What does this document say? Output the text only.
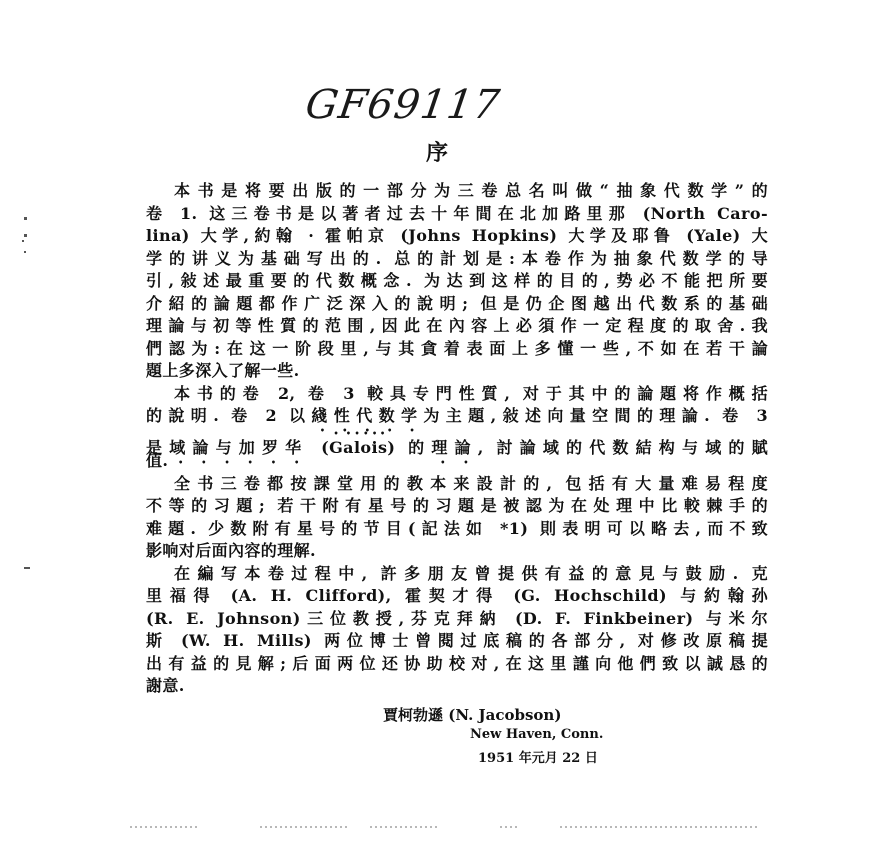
GF69117
序
本书是将要出版的一部分为三卷总名叫做“抽象代数学”的
卷 1. 这三卷书是以著者过去十年間在北加路里那 (North Caro-
lina) 大学,約翰 · 霍帕京 (Johns Hopkins) 大学及耶鲁 (Yale) 大
学的讲义为基础写出的. 总的計划是:本卷作为抽象代数学的导
引,敍述最重要的代数概念. 为达到这样的目的,势必不能把所要
介紹的論題都作广泛深入的說明; 但是仍企图越出代数系的基础
理論与初等性質的范围,因此在內容上必須作一定程度的取舍.我
們認为:在这一阶段里,与其貪着表面上多懂一些,不如在若干論
題上多深入了解一些.
本书的卷 2, 卷 3 較具专門性質, 对于其中的論題将作概括
的說明. 卷 2 以綫性代数学为主題,敍述向量空間的理論. 卷 3
是域論与加罗华 (Galois) 的理論, 討論域的代数結构与域的賦
值.
全书三卷都按課堂用的教本来設計的, 包括有大量难易程度
不等的习題; 若干附有星号的习題是被認为在处理中比較棘手的
难題. 少数附有星号的节目(記法如 *1) 則表明可以略去,而不致
影响对后面內容的理解.
在編写本卷过程中, 許多朋友曾提供有益的意見与鼓励. 克
里福得 (A. H. Clifford), 霍契才得 (G. Hochschild) 与約翰孙
(R. E. Johnson)三位教授,芬克拜納 (D. F. Finkbeiner) 与米尔
斯 (W. H. Mills) 两位博士曾閱过底稿的各部分, 对修改原稿提
出有益的見解;后面两位还协助校对,在这里謹向他們致以誠恳的
謝意.
賈柯勃遜 (N. Jacobson)
New Haven, Conn.
1951 年元月 22 日
